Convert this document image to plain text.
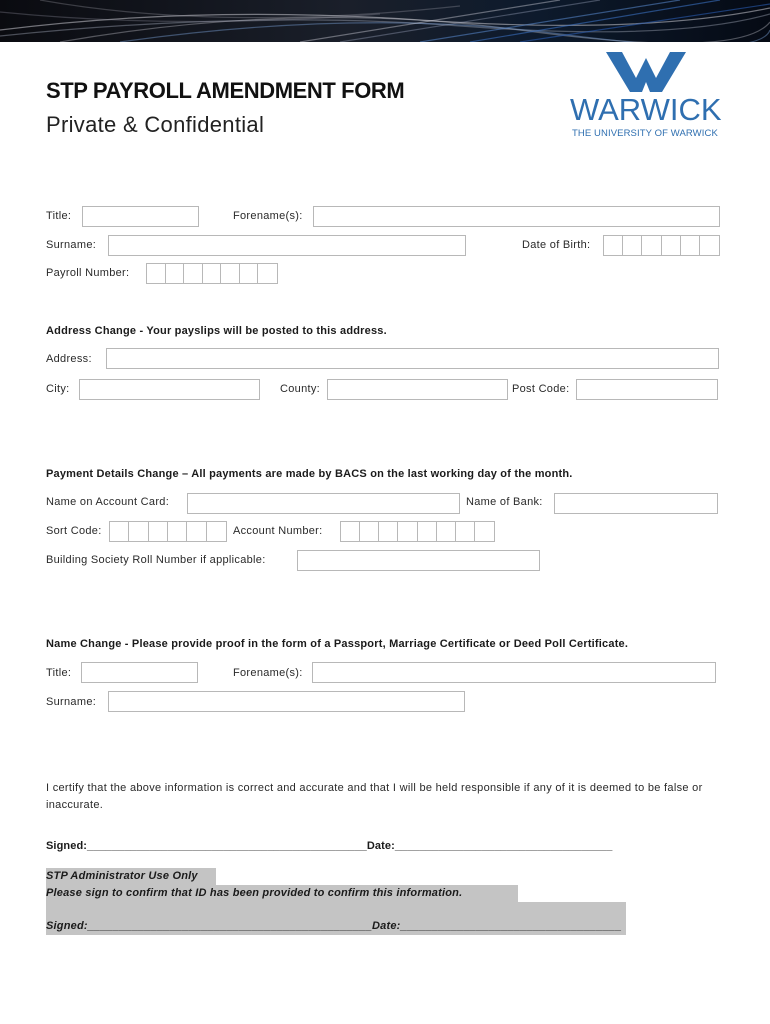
STP PAYROLL AMENDMENT FORM
Private & Confidential	WARWICK
THE UNIVERSITY OF WARWICK
Title:	Forename(s):
Surname:	Date of Birth:
Payroll Number:
Address Change - Your payslips will be posted to this address.
Address:
City:	County:	Post Code:
Payment Details Change – All payments are made by BACS on the last working day of the month.
Name on Account Card:	Name of Bank:
Sort Code:	Account Number:
Building Society Roll Number if applicable:
Name Change - Please provide proof in the form of a Passport, Marriage Certificate or Deed Poll Certificate.
Title:	Forename(s):
Surname:
I certify that the above information is correct and accurate and that I will be held responsible if any of it is deemed to be false or inaccurate.
Signed:_____________________________________________Date:___________________________________
STP Administrator Use Only
Please sign to confirm that ID has been provided to confirm this information.
Signed:_____________________________________________Date:___________________________________
